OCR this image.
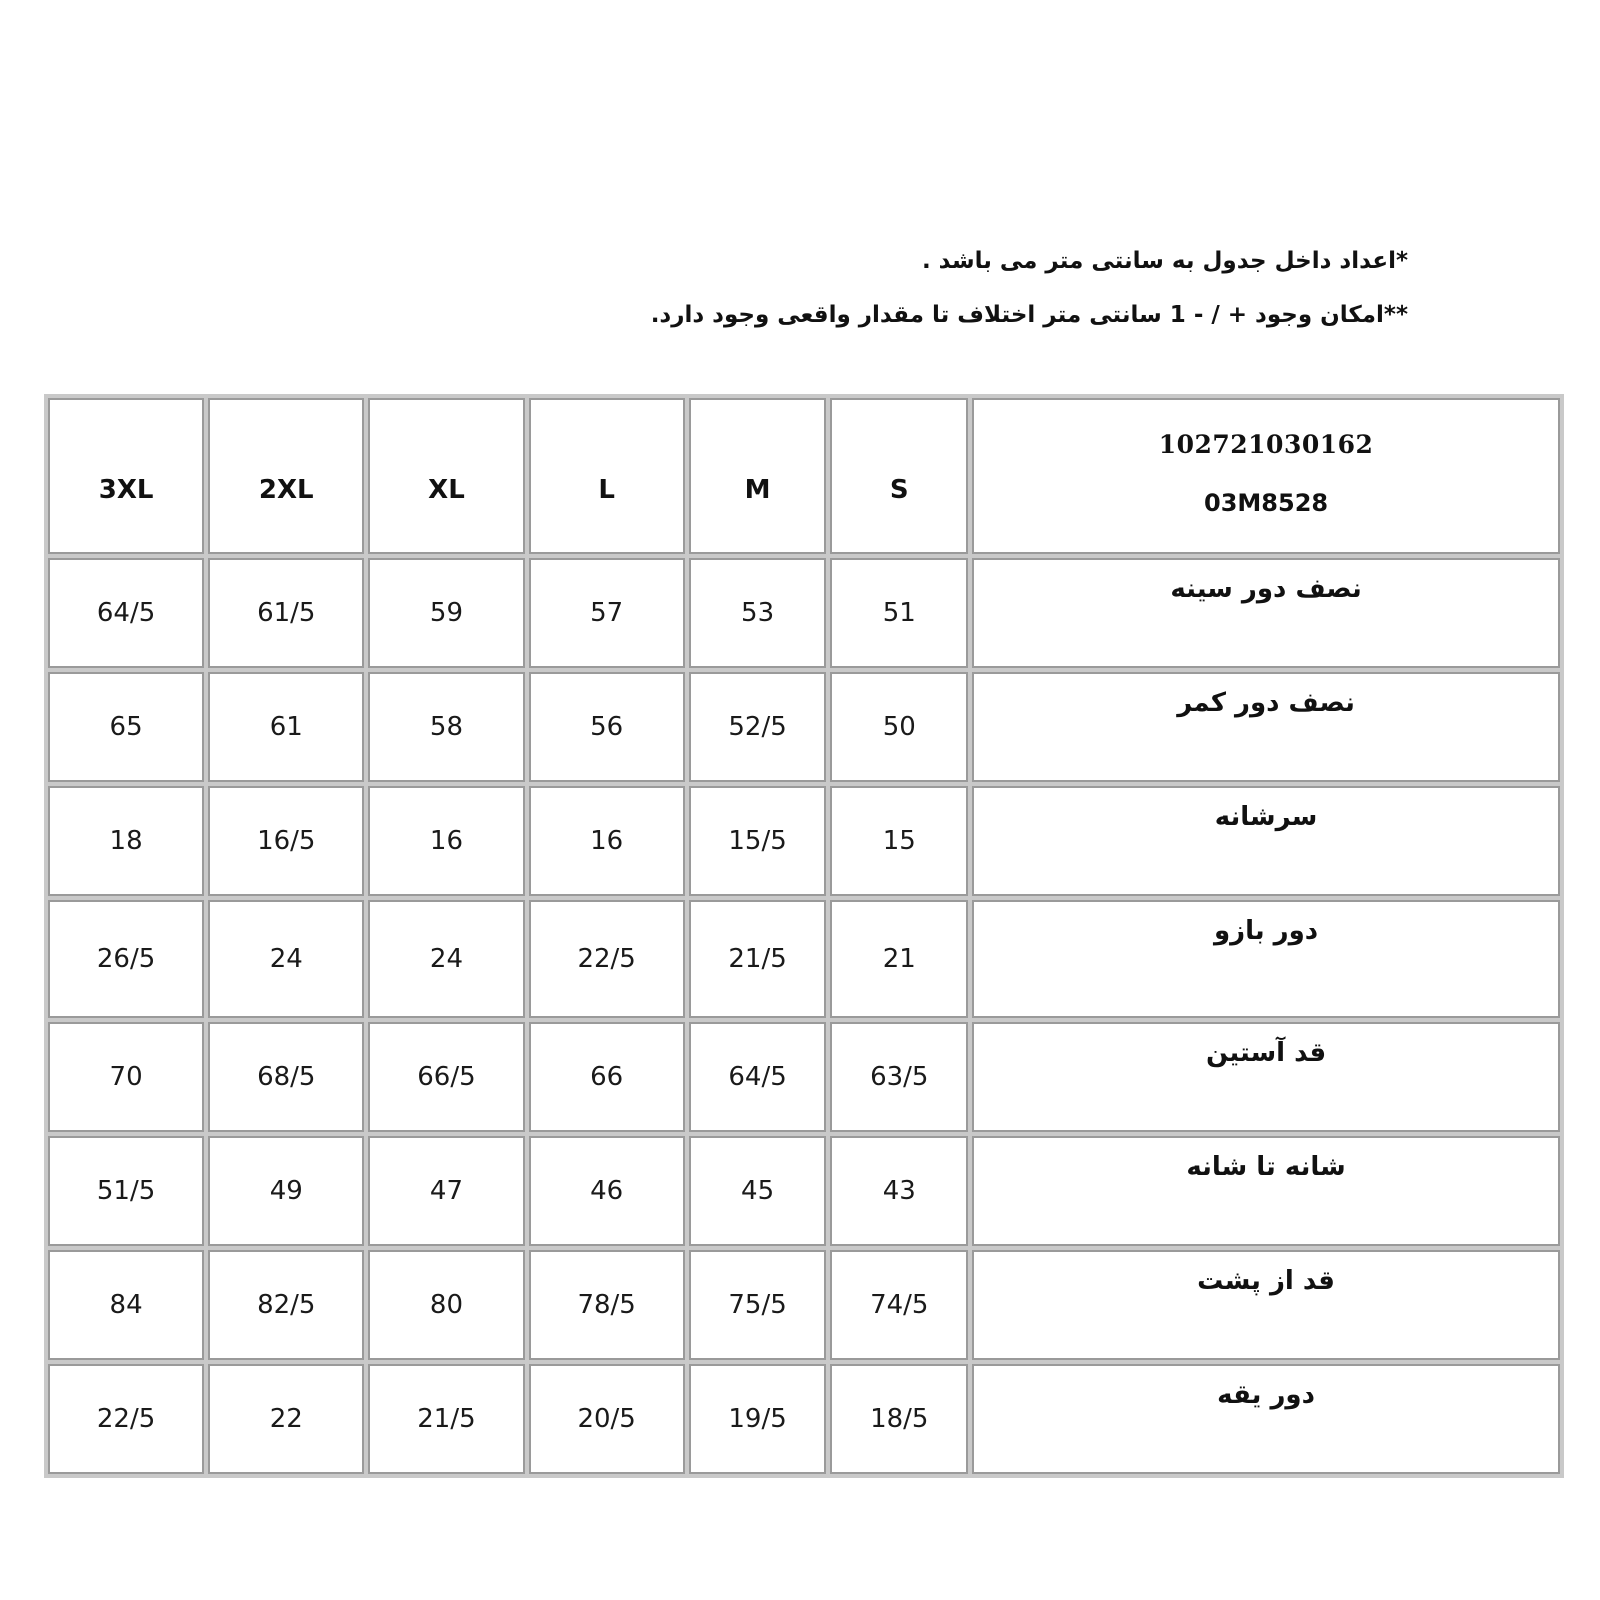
*اعداد داخل جدول به سانتی متر می باشد .
**امکان وجود + / - 1 سانتی متر اختلاف تا مقدار واقعی وجود دارد.
3XL	2XL	XL	L	M	S	102721030162
03M8528

64/5	61/5	59	57	53	51	نصف دور سینه
65	61	58	56	52/5	50	نصف دور کمر
18	16/5	16	16	15/5	15	سرشانه
26/5	24	24	22/5	21/5	21	دور بازو
70	68/5	66/5	66	64/5	63/5	قد آستین
51/5	49	47	46	45	43	شانه تا شانه
84	82/5	80	78/5	75/5	74/5	قد از پشت
22/5	22	21/5	20/5	19/5	18/5	دور یقه
